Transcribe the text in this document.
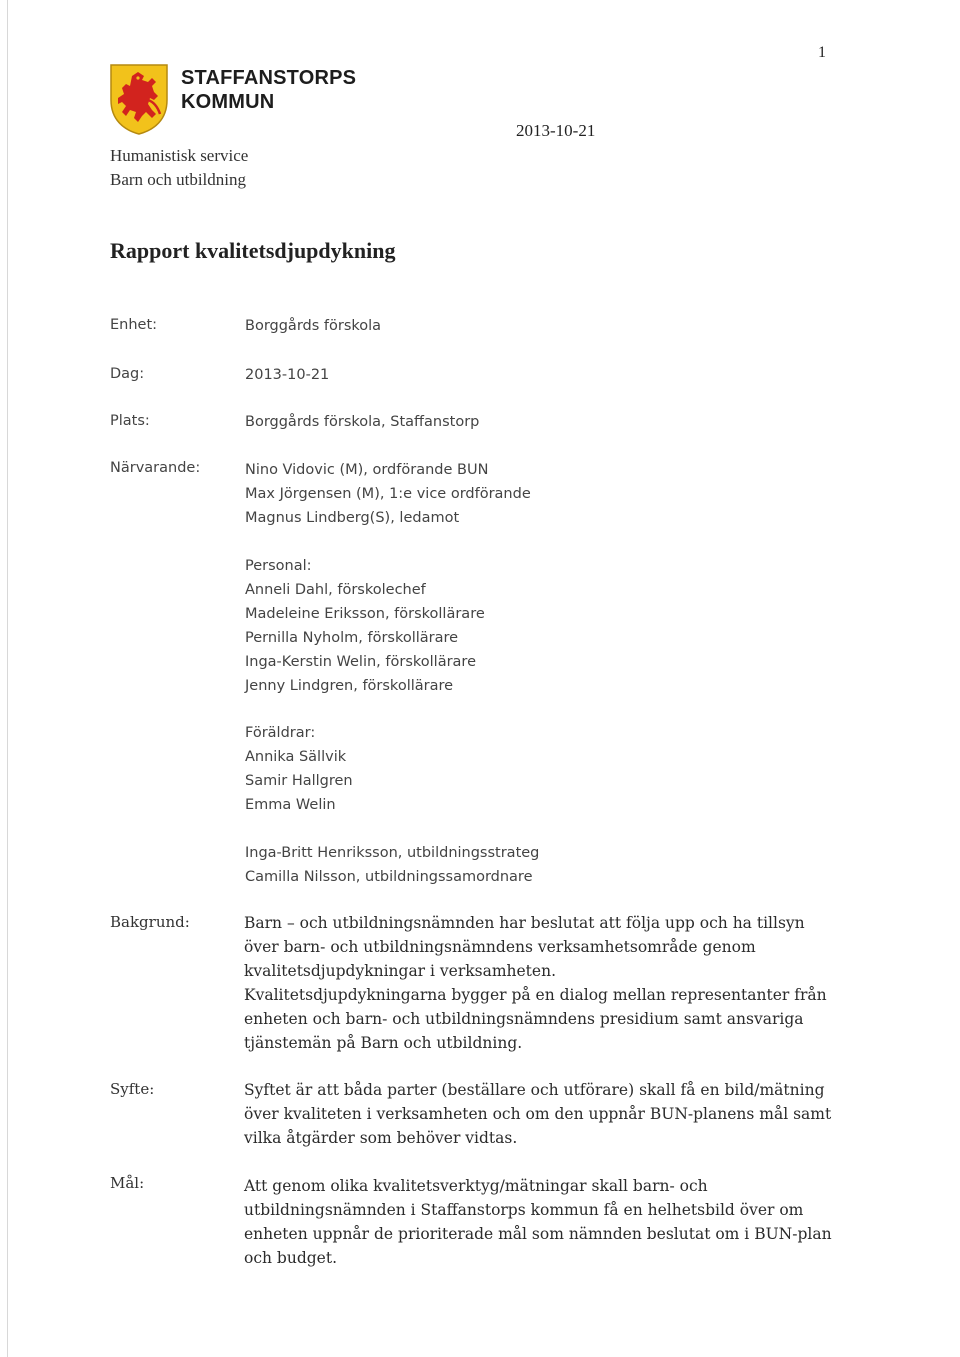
1
STAFFANSTORPS
KOMMUN
2013-10-21
Humanistisk service
Barn och utbildning
Rapport kvalitetsdjupdykning
Enhet:	Borggårds förskola
Dag:	2013-10-21
Plats:	Borggårds förskola, Staffanstorp
Närvarande:	Nino Vidovic (M), ordförande BUN
Max Jörgensen (M), 1:e vice ordförande
Magnus Lindberg(S), ledamot
Personal:
Anneli Dahl, förskolechef
Madeleine Eriksson, förskollärare
Pernilla Nyholm, förskollärare
Inga-Kerstin Welin, förskollärare
Jenny Lindgren, förskollärare
Föräldrar:
Annika Sällvik
Samir Hallgren
Emma Welin
Inga-Britt Henriksson, utbildningsstrateg
Camilla Nilsson, utbildningssamordnare
Bakgrund:	Barn – och utbildningsnämnden har beslutat att följa upp och ha tillsyn
över barn- och utbildningsnämndens verksamhetsområde genom
kvalitetsdjupdykningar i verksamheten.
Kvalitetsdjupdykningarna bygger på en dialog mellan representanter från
enheten och barn- och utbildningsnämndens presidium samt ansvariga
tjänstemän på Barn och utbildning.

Syfte:	Syftet är att båda parter (beställare och utförare) skall få en bild/mätning
över kvaliteten i verksamheten och om den uppnår BUN-planens mål samt
vilka åtgärder som behöver vidtas.

Mål:	Att genom olika kvalitetsverktyg/mätningar skall barn- och
utbildningsnämnden i Staffanstorps kommun få en helhetsbild över om
enheten uppnår de prioriterade mål som nämnden beslutat om i BUN-plan
och budget.
